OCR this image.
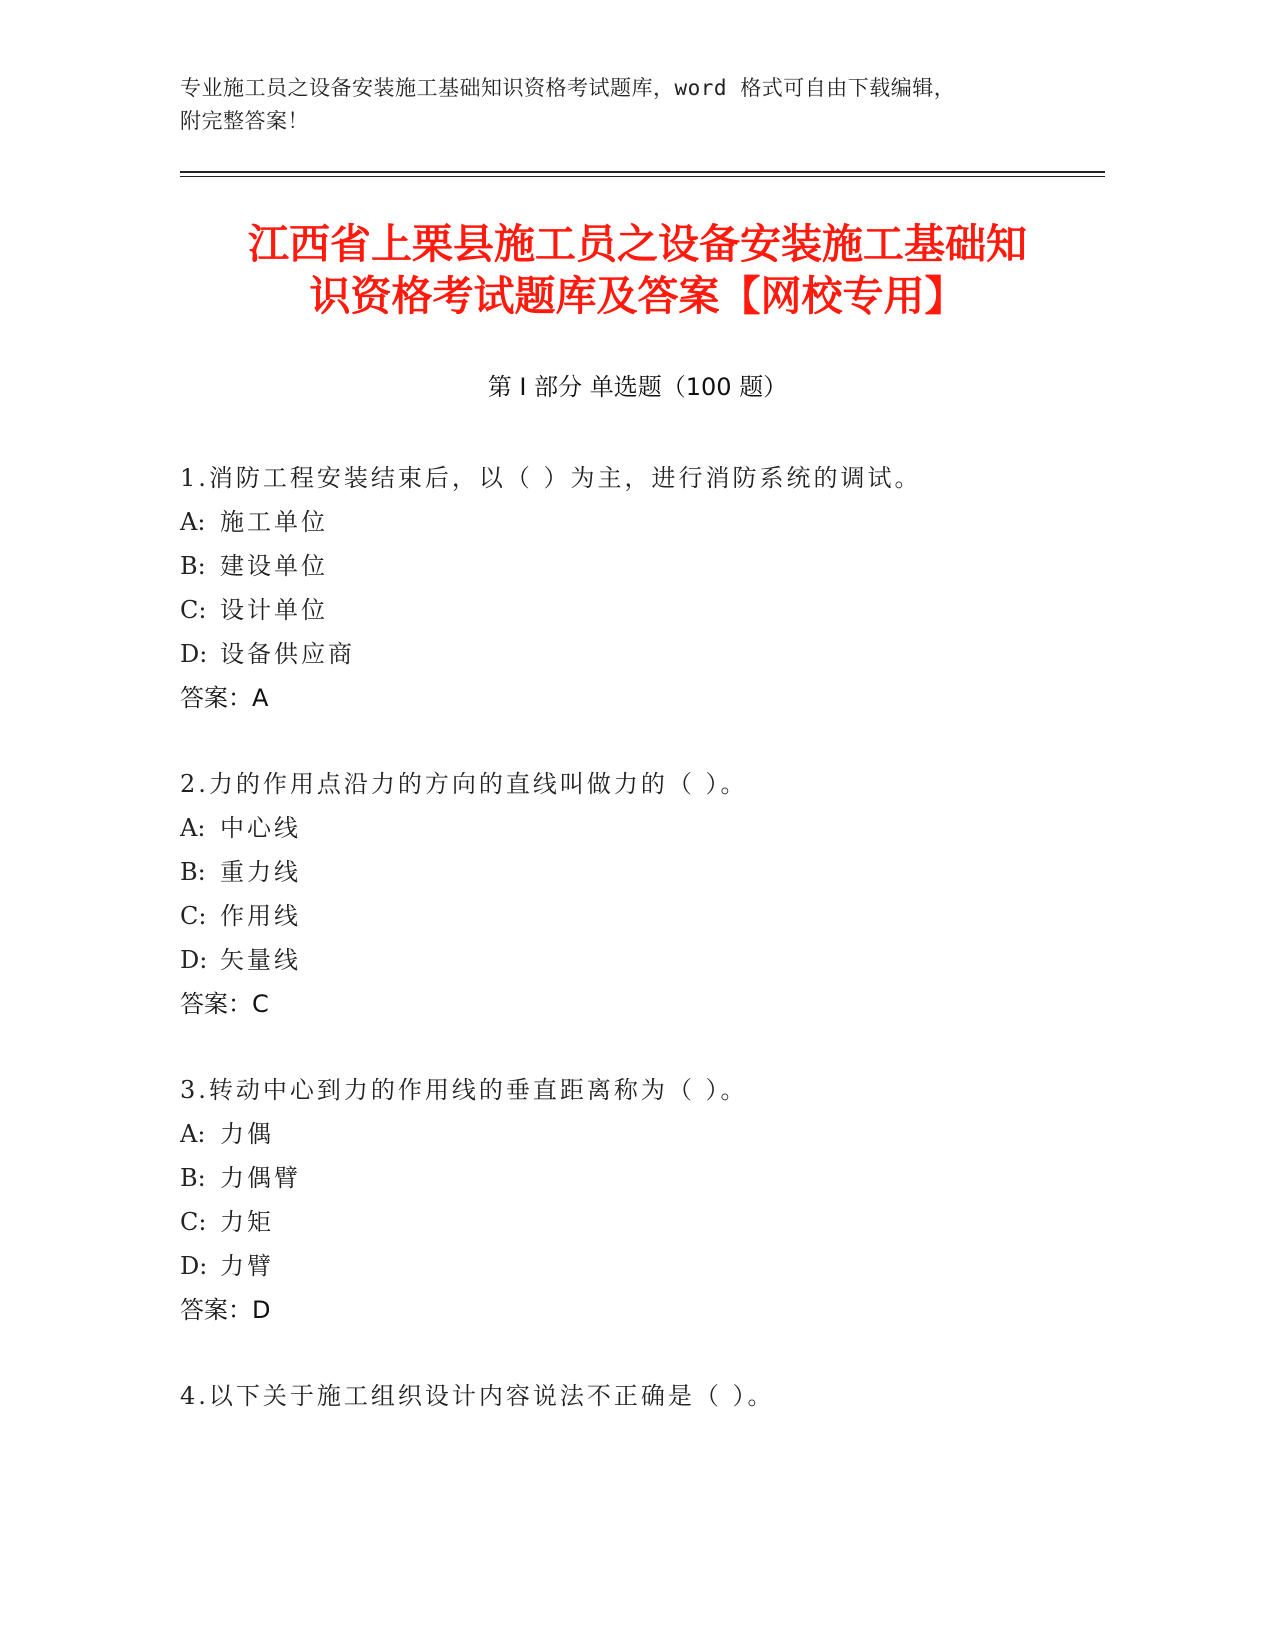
专业施工员之设备安装施工基础知识资格考试题库，word 格式可自由下载编辑，
附完整答案！
江西省上栗县施工员之设备安装施工基础知
识资格考试题库及答案【网校专用】
第 I 部分 单选题（100 题）
1.消防工程安装结束后，以（ ）为主，进行消防系统的调试。
A: 施工单位
B: 建设单位
C: 设计单位
D: 设备供应商
答案：A
2.力的作用点沿力的方向的直线叫做力的（ ）。
A: 中心线
B: 重力线
C: 作用线
D: 矢量线
答案：C
3.转动中心到力的作用线的垂直距离称为（ ）。
A: 力偶
B: 力偶臂
C: 力矩
D: 力臂
答案：D
4.以下关于施工组织设计内容说法不正确是（ ）。
